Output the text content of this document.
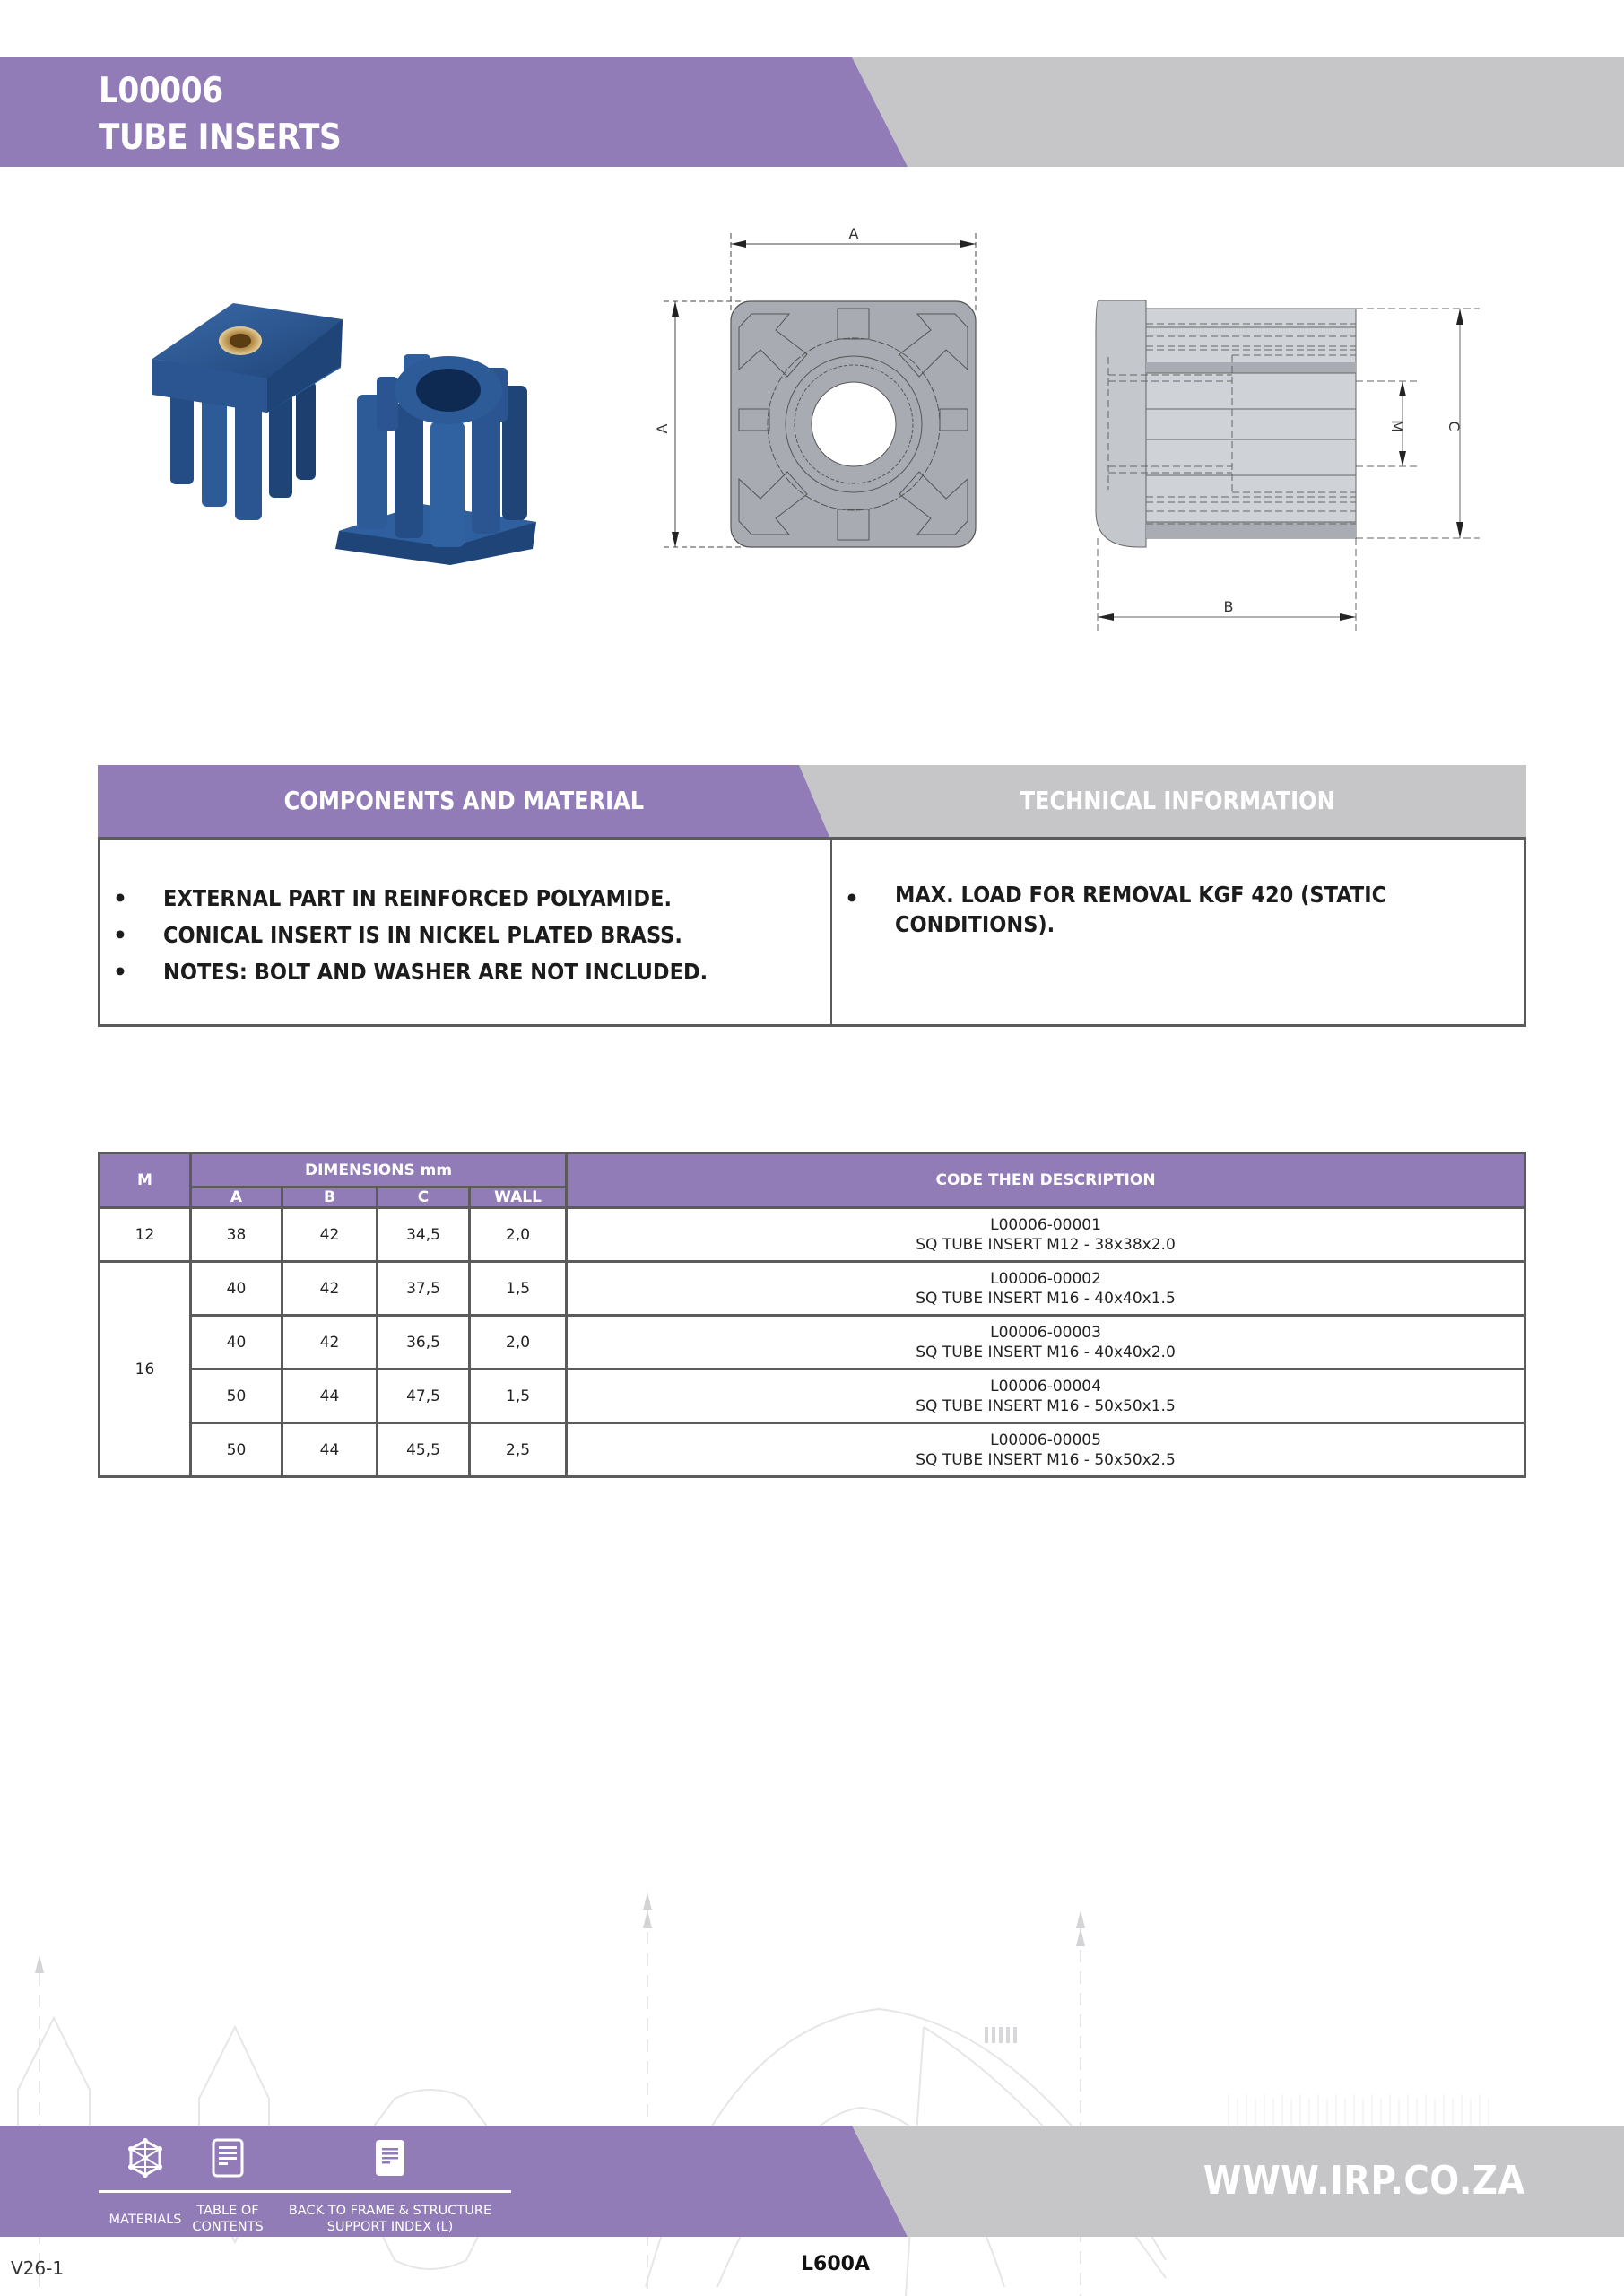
L00006
TUBE INSERTS
A
A
B
M	C
COMPONENTS AND MATERIAL	TECHNICAL INFORMATION
•	EXTERNAL PART IN REINFORCED POLYAMIDE.
•	CONICAL INSERT IS IN NICKEL PLATED BRASS.
•	NOTES: BOLT AND WASHER ARE NOT INCLUDED.
•	MAX. LOAD FOR REMOVAL KGF 420 (STATIC CONDITIONS).
M	DIMENSIONS mm				CODE THEN DESCRIPTION
	A	B	C	WALL	
12	38	42	34,5	2,0	L00006-00001
SQ TUBE INSERT M12 - 38x38x2.0

16	40	42	37,5	1,5	L00006-00002
SQ TUBE INSERT M16 - 40x40x1.5

	40	42	36,5	2,0	L00006-00003
SQ TUBE INSERT M16 - 40x40x2.0

	50	44	47,5	1,5	L00006-00004
SQ TUBE INSERT M16 - 50x50x1.5

	50	44	45,5	2,5	L00006-00005
SQ TUBE INSERT M16 - 50x50x2.5
MATERIALS
TABLE OF
CONTENTS
BACK TO FRAME & STRUCTURE
SUPPORT INDEX (L)
WWW.IRP.CO.ZA
V26-1	L600A
